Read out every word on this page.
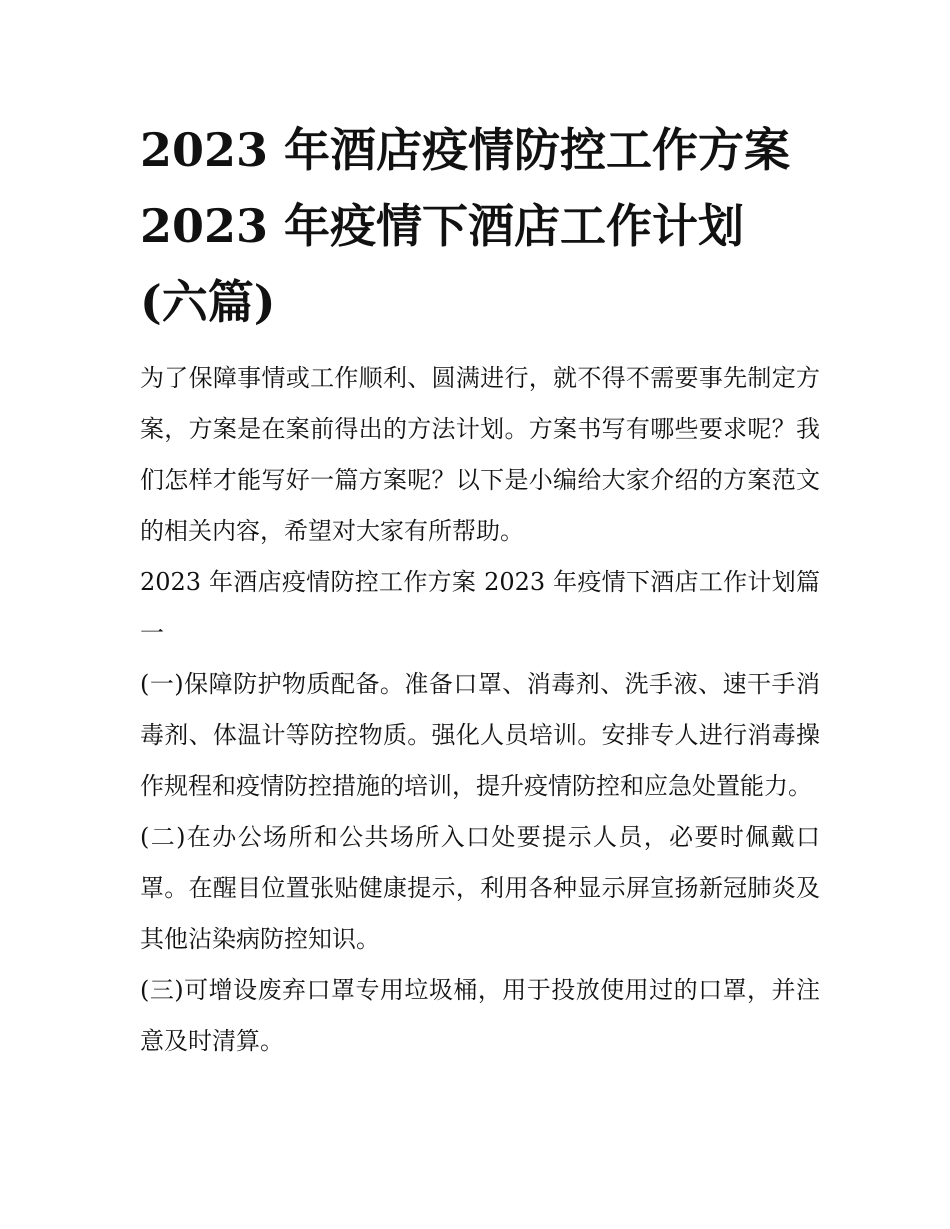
2023 年酒店疫情防控工作方案
2023 年疫情下酒店工作计划
(六篇)

为了保障事情或工作顺利、圆满进行，就不得不需要事先制定方案，方案是在案前得出的方法计划。方案书写有哪些要求呢？我们怎样才能写好一篇方案呢？以下是小编给大家介绍的方案范文的相关内容，希望对大家有所帮助。

2023 年酒店疫情防控工作方案 2023 年疫情下酒店工作计划篇一

(一)保障防护物质配备。准备口罩、消毒剂、洗手液、速干手消毒剂、体温计等防控物质。强化人员培训。安排专人进行消毒操作规程和疫情防控措施的培训，提升疫情防控和应急处置能力。

(二)在办公场所和公共场所入口处要提示人员，必要时佩戴口罩。在醒目位置张贴健康提示，利用各种显示屏宣扬新冠肺炎及其他沾染病防控知识。

(三)可增设废弃口罩专用垃圾桶，用于投放使用过的口罩，并注意及时清算。
